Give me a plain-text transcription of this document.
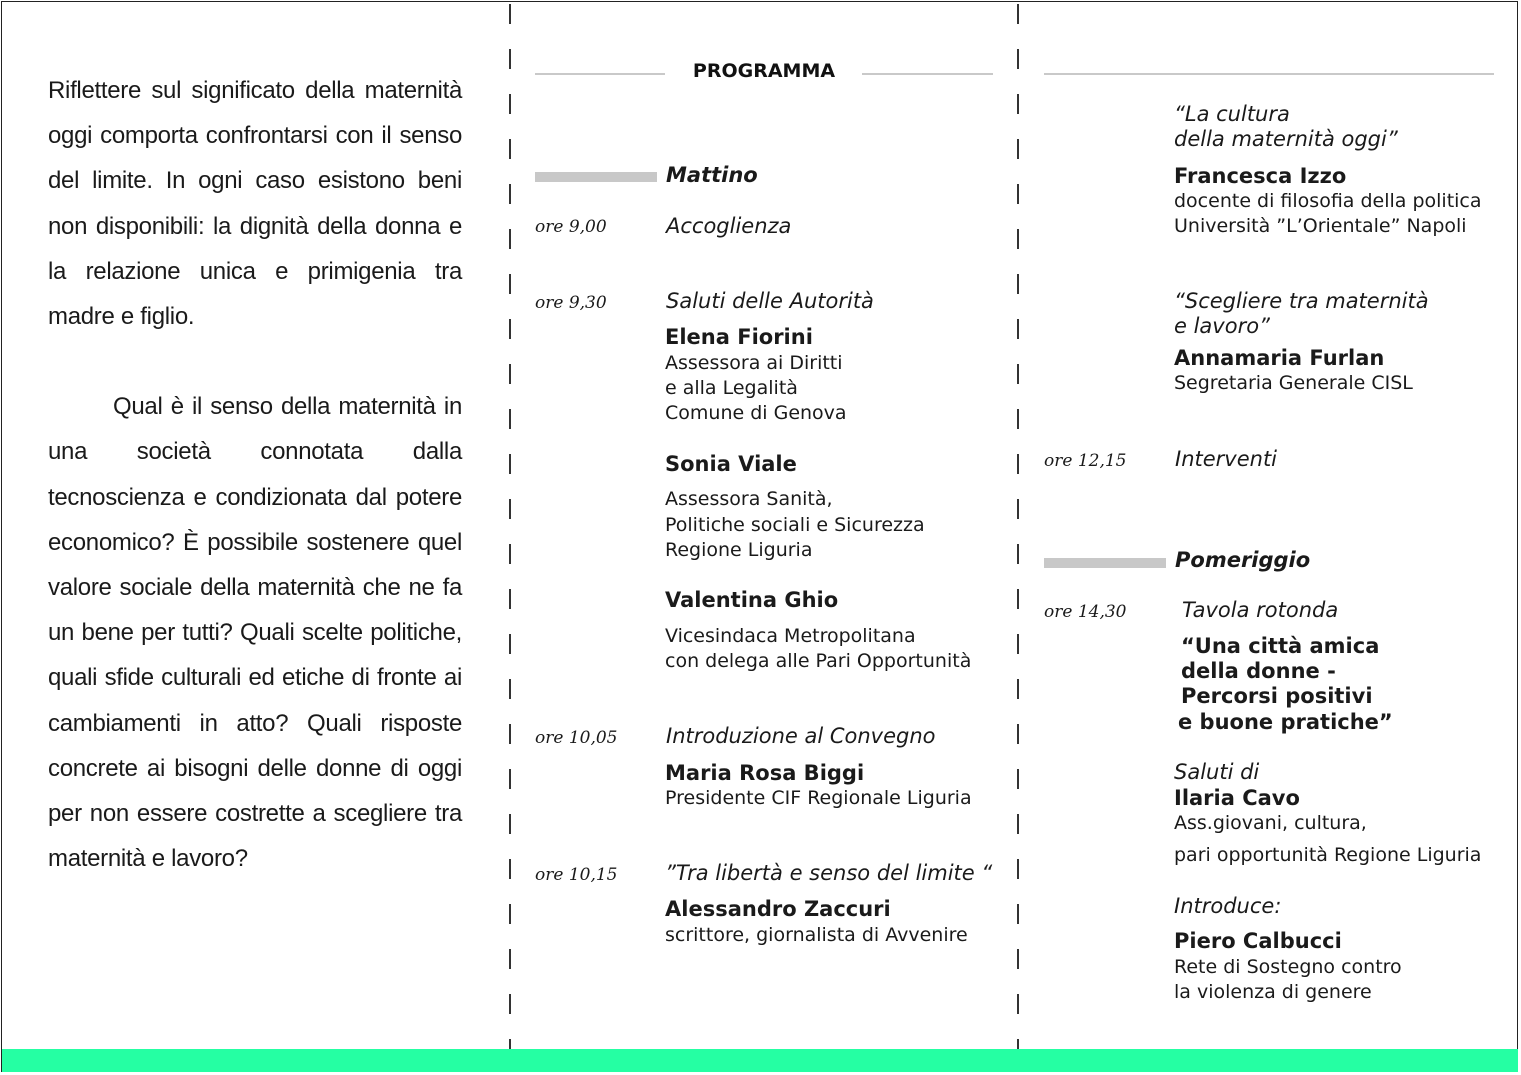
Riflettere sul significato della maternità oggi comporta confrontarsi con il senso del limite. In ogni caso esistono beni non disponibili: la dignità della donna e la relazione unica e primigenia tra madre e figlio.

Qual è il senso della maternità in una società connotata dalla tecnoscienza e condizionata dal potere economico? È possibile sostenere quel valore sociale della maternità che ne fa un bene per tutti? Quali scelte politiche, quali sfide culturali ed etiche di fronte ai cambiamenti in atto? Quali risposte concrete ai bisogni delle donne di oggi per non essere costrette a scegliere tra maternità e lavoro?

PROGRAMMA
Mattino
ore 9,00	Accoglienza
ore 9,30	Saluti delle Autorità
Elena Fiorini
Assessora ai Diritti
e alla Legalità
Comune di Genova
Sonia Viale
Assessora Sanità,
Politiche sociali e Sicurezza
Regione Liguria
Valentina Ghio
Vicesindaca Metropolitana
con delega alle Pari Opportunità
ore 10,05 Introduzione al Convegno
Maria Rosa Biggi
Presidente CIF Regionale Liguria
ore 10,15 ”Tra libertà e senso del limite “
Alessandro Zaccuri
scrittore, giornalista di Avvenire
“La cultura
della maternità oggi”
Francesca Izzo
docente di filosofia della politica
Università ”L’Orientale” Napoli
“Scegliere tra maternità
e lavoro”
Annamaria Furlan
Segretaria Generale CISL
ore 12,15 Interventi
Pomeriggio
ore 14,30	Tavola rotonda
“Una città amica
della donne -
Percorsi positivi
e buone pratiche”
Saluti di
Ilaria Cavo
Ass.giovani, cultura,
pari opportunità Regione Liguria
Introduce:
Piero Calbucci
Rete di Sostegno contro
la violenza di genere
